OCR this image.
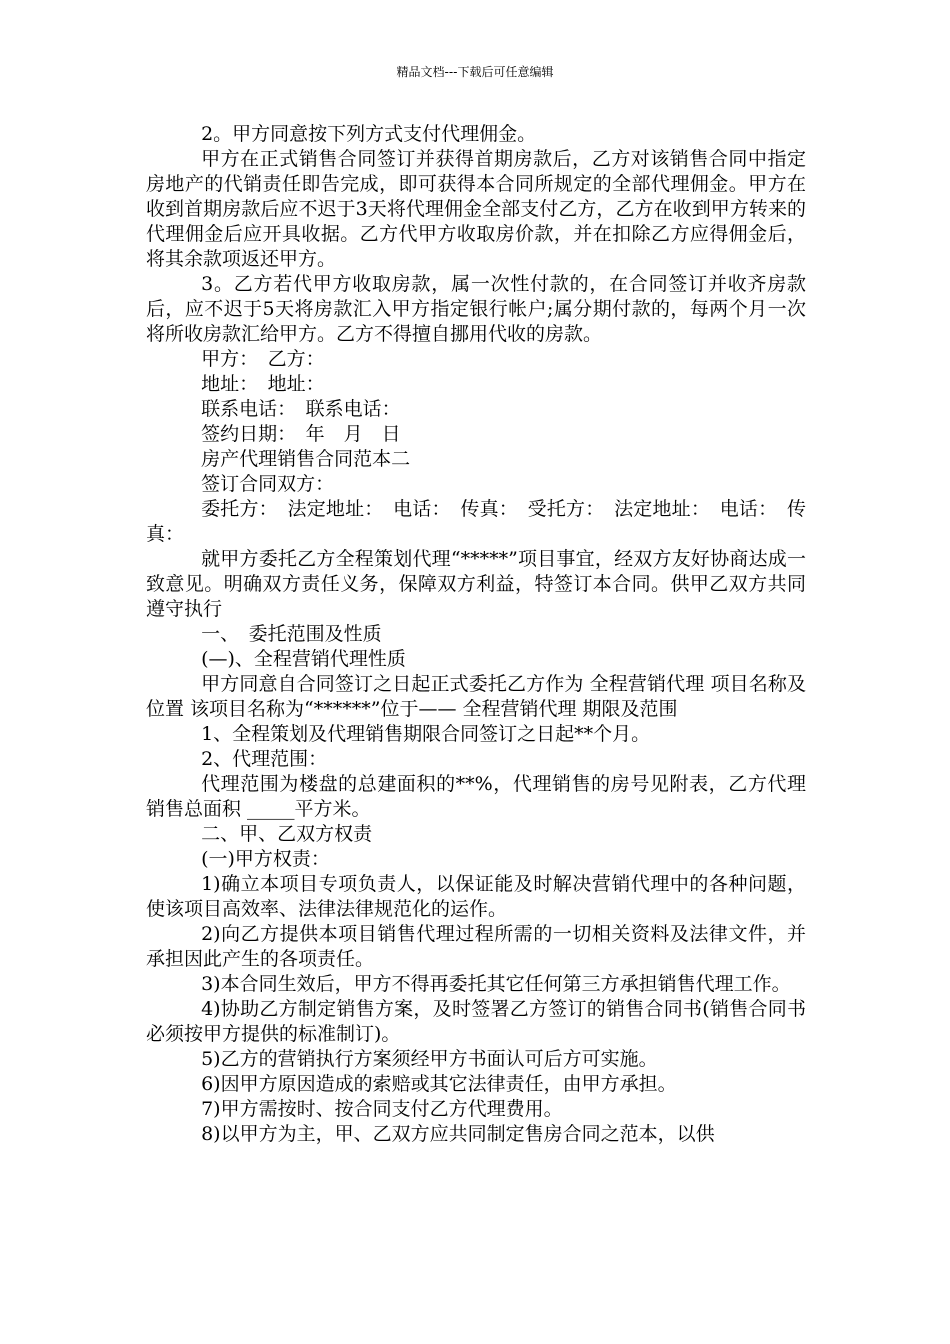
精品文档---下载后可任意编辑

2。甲方同意按下列方式支付代理佣金。

甲方在正式销售合同签订并获得首期房款后，乙方对该销售合同中指定房地产的代销责任即告完成，即可获得本合同所规定的全部代理佣金。甲方在收到首期房款后应不迟于3天将代理佣金全部支付乙方，乙方在收到甲方转来的代理佣金后应开具收据。乙方代甲方收取房价款，并在扣除乙方应得佣金后，将其余款项返还甲方。

3。乙方若代甲方收取房款，属一次性付款的，在合同签订并收齐房款后，应不迟于5天将房款汇入甲方指定银行帐户;属分期付款的，每两个月一次将所收房款汇给甲方。乙方不得擅自挪用代收的房款。

甲方：　乙方：

地址：　地址：

联系电话：　联系电话：

签约日期：　年　月　日

房产代理销售合同范本二

签订合同双方：

委托方：　法定地址：　电话：　传真：　受托方：　法定地址：　电话：　传真：

就甲方委托乙方全程策划代理“*****”项目事宜，经双方友好协商达成一致意见。明确双方责任义务，保障双方利益，特签订本合同。供甲乙双方共同遵守执行

一、　委托范围及性质

(—)、全程营销代理性质

甲方同意自合同签订之日起正式委托乙方作为 全程营销代理 项目名称及位置 该项目名称为“******”位于—— 全程营销代理 期限及范围

1、全程策划及代理销售期限合同签订之日起**个月。

2、代理范围：

代理范围为楼盘的总建面积的**%，代理销售的房号见附表，乙方代理销售总面积 _____平方米。

二、甲、乙双方权责

(一)甲方权责：

1)确立本项目专项负责人，以保证能及时解决营销代理中的各种问题，使该项目高效率、法律法律规范化的运作。

2)向乙方提供本项目销售代理过程所需的一切相关资料及法律文件，并承担因此产生的各项责任。

3)本合同生效后，甲方不得再委托其它任何第三方承担销售代理工作。

4)协助乙方制定销售方案，及时签署乙方签订的销售合同书(销售合同书必须按甲方提供的标准制订)。

5)乙方的营销执行方案须经甲方书面认可后方可实施。

6)因甲方原因造成的索赔或其它法律责任，由甲方承担。

7)甲方需按时、按合同支付乙方代理费用。

8)以甲方为主，甲、乙双方应共同制定售房合同之范本，以供
